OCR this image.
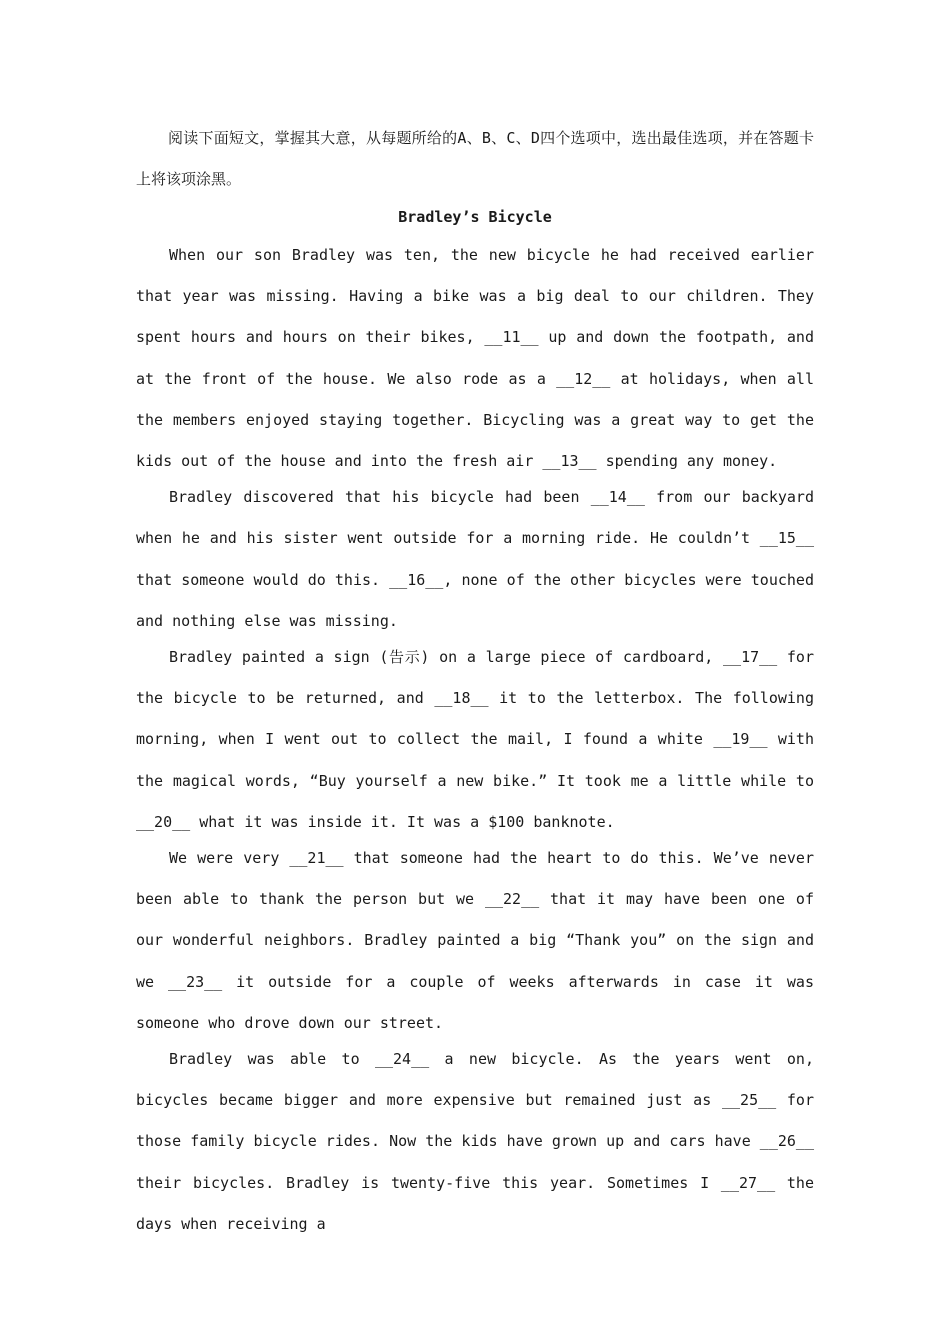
阅读下面短文，掌握其大意，从每题所给的A、B、C、D四个选项中，选出最佳选项，并在答题卡上将该项涂黑。

Bradley’s Bicycle

When our son Bradley was ten, the new bicycle he had received earlier that year was missing. Having a bike was a big deal to our children. They spent hours and hours on their bikes, __11__ up and down the footpath, and at the front of the house. We also rode as a __12__ at holidays, when all the members enjoyed staying together. Bicycling was a great way to get the kids out of the house and into the fresh air __13__ spending any money.

Bradley discovered that his bicycle had been __14__ from our backyard when he and his sister went outside for a morning ride. He couldn’t __15__ that someone would do this. __16__, none of the other bicycles were touched and nothing else was missing.

Bradley painted a sign (告示) on a large piece of cardboard, __17__ for the bicycle to be returned, and __18__ it to the letterbox. The following morning, when I went out to collect the mail, I found a white __19__ with the magical words, “Buy yourself a new bike.” It took me a little while to __20__ what it was inside it. It was a $100 banknote.

We were very __21__ that someone had the heart to do this. We’ve never been able to thank the person but we __22__ that it may have been one of our wonderful neighbors. Bradley painted a big “Thank you” on the sign and we __23__ it outside for a couple of weeks afterwards in case it was someone who drove down our street.

Bradley was able to __24__ a new bicycle. As the years went on, bicycles became bigger and more expensive but remained just as __25__ for those family bicycle rides. Now the kids have grown up and cars have __26__ their bicycles. Bradley is twenty-five this year. Sometimes I __27__ the days when receiving a
